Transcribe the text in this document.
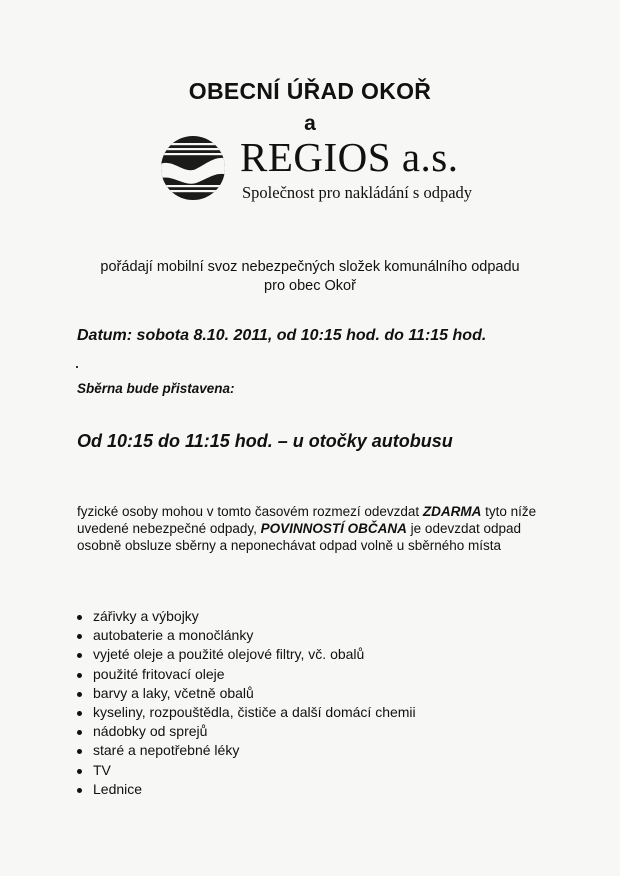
OBECNÍ ÚŘAD OKOŘ
a
REGIOS a.s.
Společnost pro nakládání s odpady
pořádají mobilní svoz nebezpečných složek komunálního odpadu
pro obec Okoř
Datum: sobota 8.10. 2011, od 10:15 hod. do 11:15 hod.
Sběrna bude přistavena:
Od 10:15 do 11:15 hod. – u otočky autobusu
fyzické osoby mohou v tomto časovém rozmezí odevzdat ZDARMA tyto níže uvedené nebezpečné odpady, POVINNOSTÍ OBČANA je odevzdat odpad osobně obsluze sběrny a neponechávat odpad volně u sběrného místa
zářivky a výbojky
autobaterie a monočlánky
vyjeté oleje a použité olejové filtry, vč. obalů
použité fritovací oleje
barvy a laky, včetně obalů
kyseliny, rozpouštědla, čističe a další domácí chemii
nádobky od sprejů
staré a nepotřebné léky
TV
Lednice
